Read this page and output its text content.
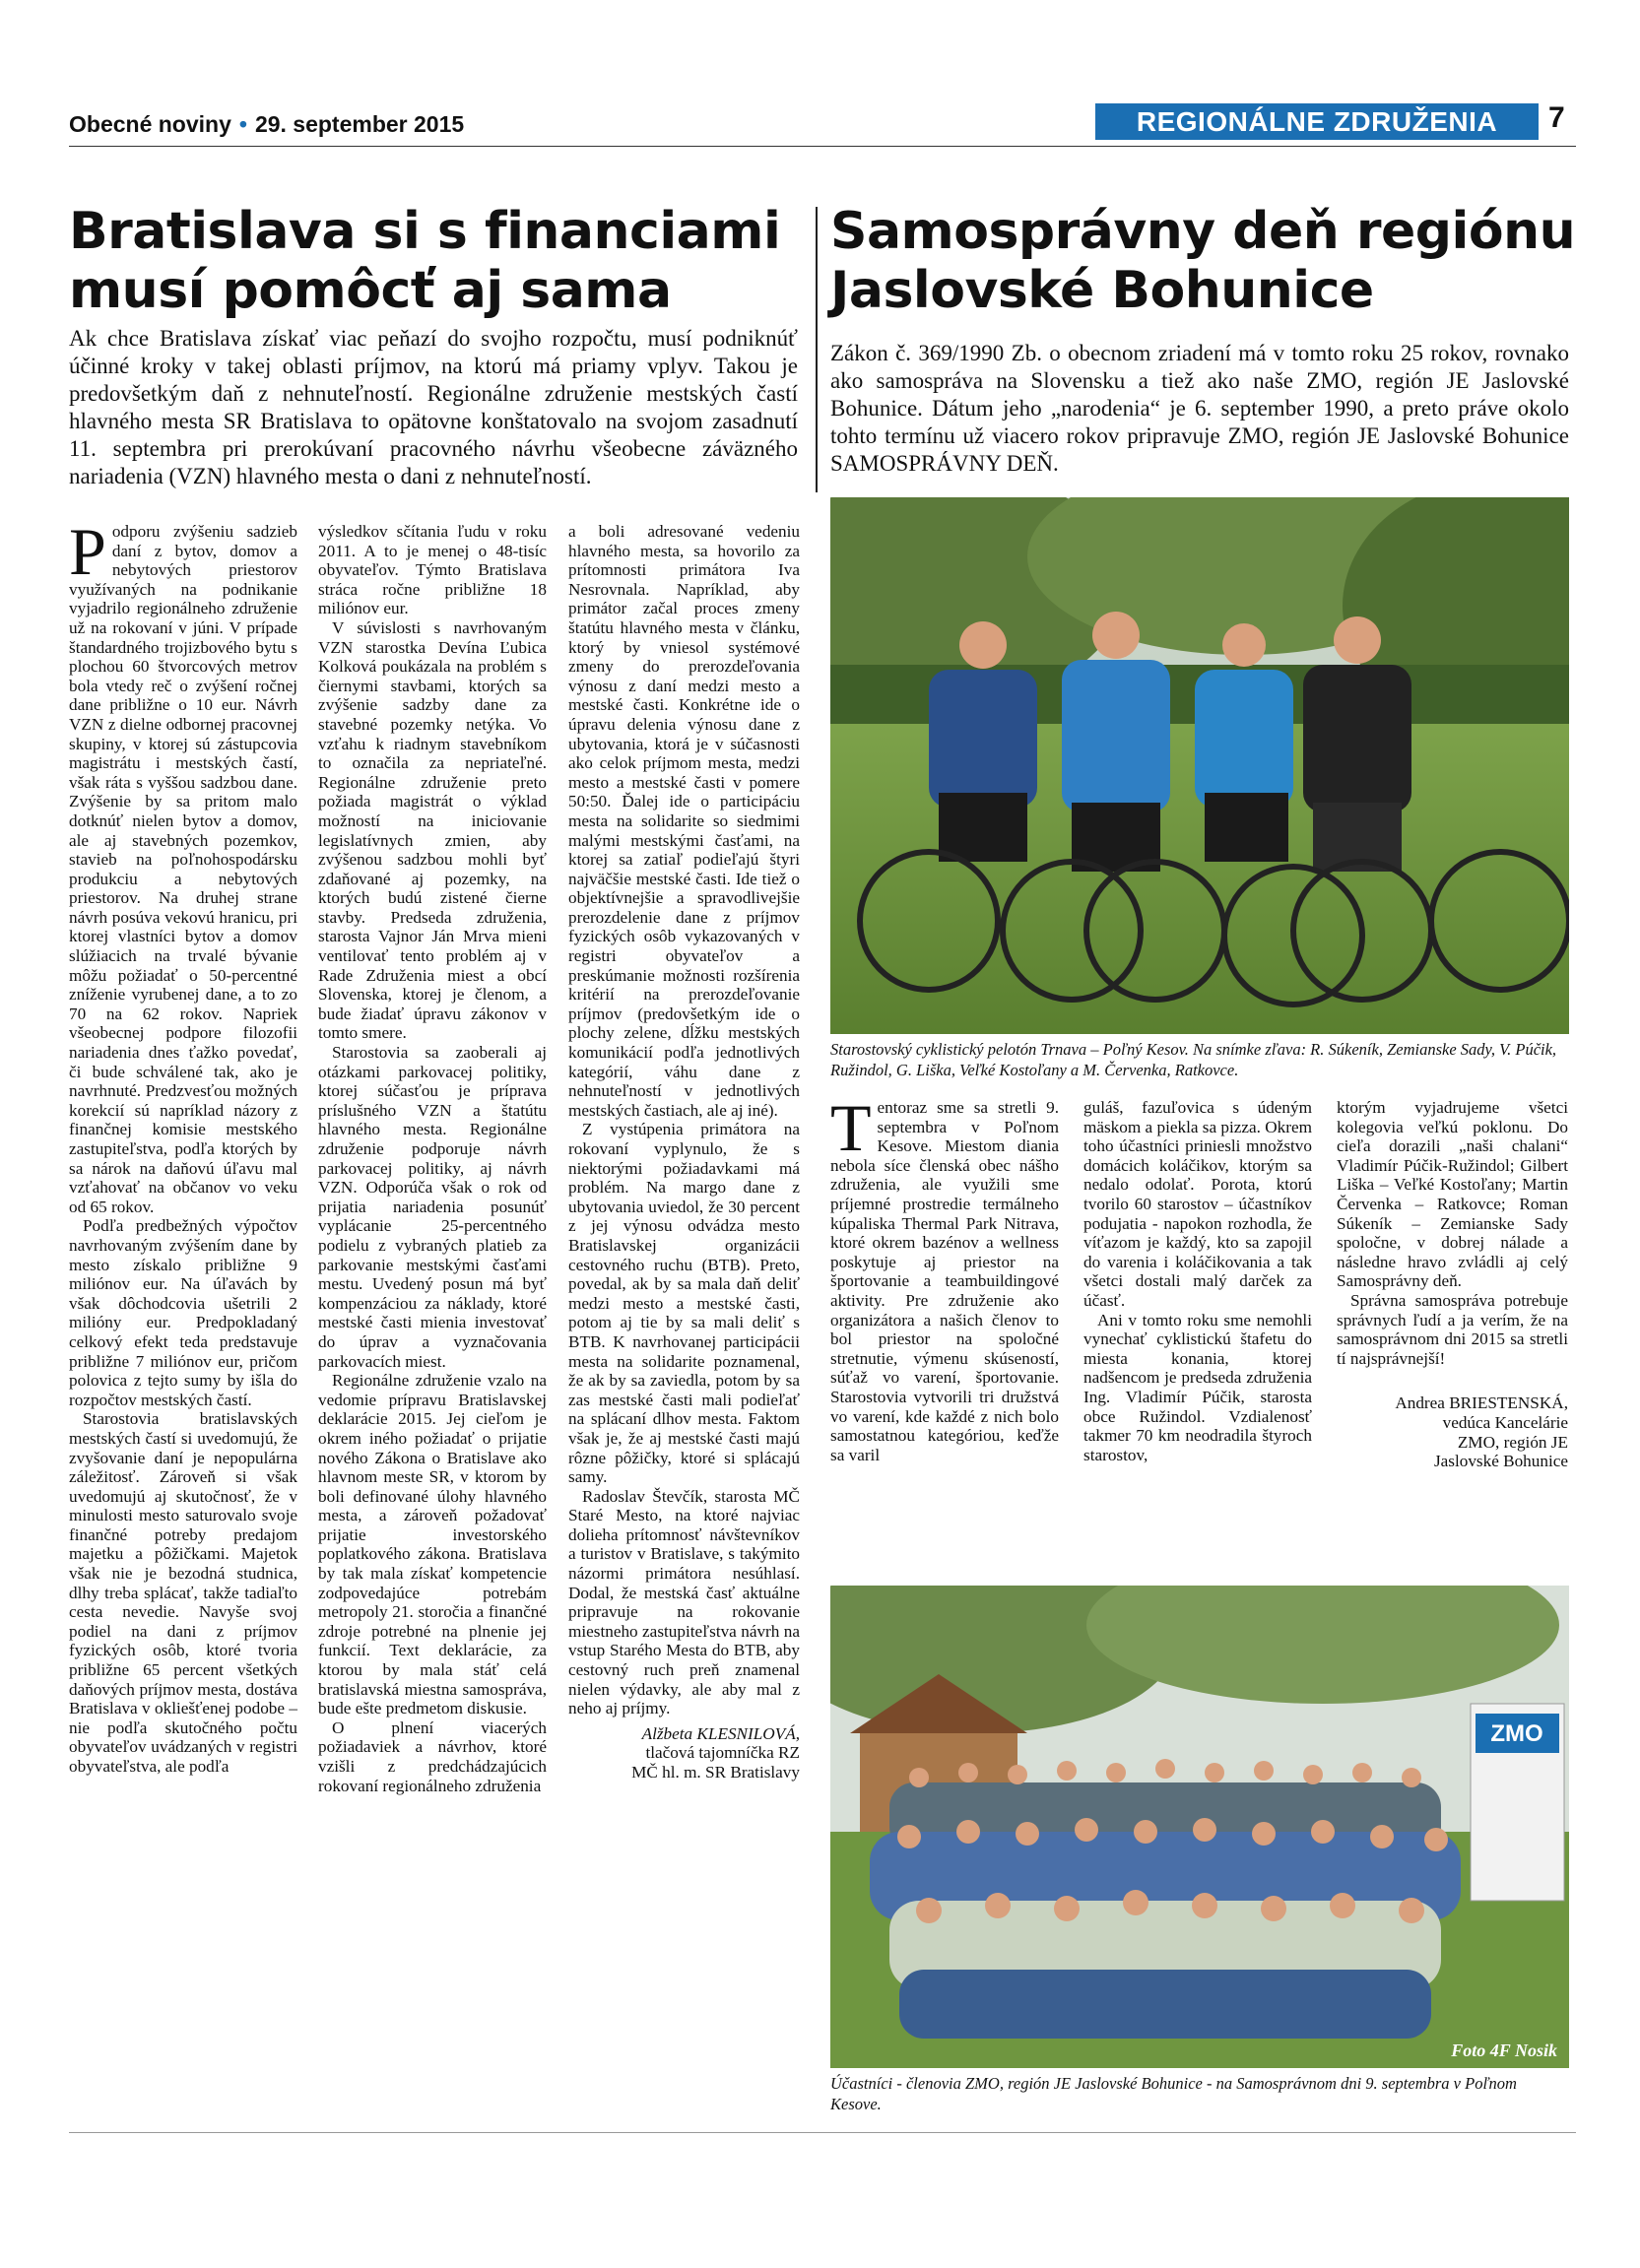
Obecné noviny • 29. september 2015	REGIONÁLNE ZDRUŽENIA	7
Bratislava si s financiami
musí pomôcť aj sama
Ak chce Bratislava získať viac peňazí do svojho rozpočtu, musí podniknúť účinné kroky v takej oblasti príjmov, na ktorú má priamy vplyv. Takou je predovšetkým daň z nehnuteľností. Regionálne združenie mestských častí hlavného mesta SR Bratislava to opätovne konštatovalo na svojom zasadnutí 11. septembra pri prerokúvaní pracovného návrhu všeobecne záväzného nariadenia (VZN) hlavného mesta o dani z nehnuteľností.

Podporu zvýšeniu sadzieb daní z bytov, domov a nebytových priestorov využívaných na podnikanie vyjadrilo regionálneho združenie už na rokovaní v júni. V prípade štandardného trojizbového bytu s plochou 60 štvorcových metrov bola vtedy reč o zvýšení ročnej dane približne o 10 eur. Návrh VZN z dielne odbornej pracovnej skupiny, v ktorej sú zástupcovia magistrátu i mestských častí, však ráta s vyššou sadzbou dane. Zvýšenie by sa pritom malo dotknúť nielen bytov a domov, ale aj stavebných pozemkov, stavieb na poľnohospodársku produkciu a nebytových priestorov. Na druhej strane návrh posúva vekovú hranicu, pri ktorej vlastníci bytov a domov slúžiacich na trvalé bývanie môžu požiadať o 50-percentné zníženie vyrubenej dane, a to zo 70 na 62 rokov. Napriek všeobecnej podpore filozofii nariadenia dnes ťažko povedať, či bude schválené tak, ako je navrhnuté. Predzvesťou možných korekcií sú napríklad názory z finančnej komisie mestského zastupiteľstva, podľa ktorých by sa nárok na daňovú úľavu mal vzťahovať na občanov vo veku od 65 rokov.

Podľa predbežných výpočtov navrhovaným zvýšením dane by mesto získalo približne 9 miliónov eur. Na úľavách by však dôchodcovia ušetrili 2 milióny eur. Predpokladaný celkový efekt teda predstavuje približne 7 miliónov eur, pričom polovica z tejto sumy by išla do rozpočtov mestských častí.

Starostovia bratislavských mestských častí si uvedomujú, že zvyšovanie daní je nepopulárna záležitosť. Zároveň si však uvedomujú aj skutočnosť, že v minulosti mesto saturovalo svoje finančné potreby predajom majetku a pôžičkami. Majetok však nie je bezodná studnica, dlhy treba splácať, takže tadiaľto cesta nevedie. Navyše svoj podiel na dani z príjmov fyzických osôb, ktoré tvoria približne 65 percent všetkých daňových príjmov mesta, dostáva Bratislava v okliešťenej podobe – nie podľa skutočného počtu obyvateľov uvádzaných v registri obyvateľstva, ale podľa

výsledkov sčítania ľudu v roku 2011. A to je menej o 48-tisíc obyvateľov. Týmto Bratislava stráca ročne približne 18 miliónov eur.

V súvislosti s navrhovaným VZN starostka Devína Ľubica Kolková poukázala na problém s čiernymi stavbami, ktorých sa zvýšenie sadzby dane za stavebné pozemky netýka. Vo vzťahu k riadnym stavebníkom to označila za nepriateľné. Regionálne združenie preto požiada magistrát o výklad možností na iniciovanie legislatívnych zmien, aby zvýšenou sadzbou mohli byť zdaňované aj pozemky, na ktorých budú zistené čierne stavby. Predseda združenia, starosta Vajnor Ján Mrva mieni ventilovať tento problém aj v Rade Združenia miest a obcí Slovenska, ktorej je členom, a bude žiadať úpravu zákonov v tomto smere.

Starostovia sa zaoberali aj otázkami parkovacej politiky, ktorej súčasťou je príprava príslušného VZN a štatútu hlavného mesta. Regionálne združenie podporuje návrh parkovacej politiky, aj návrh VZN. Odporúča však o rok od prijatia nariadenia posunúť vyplácanie 25-percentného podielu z vybraných platieb za parkovanie mestskými časťami mestu. Uvedený posun má byť kompenzáciou za náklady, ktoré mestské časti mienia investovať do úprav a vyznačovania parkovacích miest.

Regionálne združenie vzalo na vedomie prípravu Bratislavskej deklarácie 2015. Jej cieľom je okrem iného požiadať o prijatie nového Zákona o Bratislave ako hlavnom meste SR, v ktorom by boli definované úlohy hlavného mesta, a zároveň požadovať prijatie investorského poplatkového zákona. Bratislava by tak mala získať kompetencie zodpovedajúce potrebám metropoly 21. storočia a finančné zdroje potrebné na plnenie jej funkcií. Text deklarácie, za ktorou by mala stáť celá bratislavská miestna samospráva, bude ešte predmetom diskusie.

O plnení viacerých požiadaviek a návrhov, ktoré vzišli z predchádzajúcich rokovaní regionálneho združenia

a boli adresované vedeniu hlavného mesta, sa hovorilo za prítomnosti primátora Iva Nesrovnala. Napríklad, aby primátor začal proces zmeny štatútu hlavného mesta v článku, ktorý by vniesol systémové zmeny do prerozdeľovania výnosu z daní medzi mesto a mestské časti. Konkrétne ide o úpravu delenia výnosu dane z ubytovania, ktorá je v súčasnosti ako celok príjmom mesta, medzi mesto a mestské časti v pomere 50:50. Ďalej ide o participáciu mesta na solidarite so siedmimi malými mestskými časťami, na ktorej sa zatiaľ podieľajú štyri najväčšie mestské časti. Ide tiež o objektívnejšie a spravodlivejšie prerozdelenie dane z príjmov fyzických osôb vykazovaných v registri obyvateľov a preskúmanie možnosti rozšírenia kritérií na prerozdeľovanie príjmov (predovšetkým ide o plochy zelene, dĺžku mestských komunikácií podľa jednotlivých kategórií, váhu dane z nehnuteľností v jednotlivých mestských častiach, ale aj iné).

Z vystúpenia primátora na rokovaní vyplynulo, že s niektorými požiadavkami má problém. Na margo dane z ubytovania uviedol, že 30 percent z jej výnosu odvádza mesto Bratislavskej organizácii cestovného ruchu (BTB). Preto, povedal, ak by sa mala daň deliť medzi mesto a mestské časti, potom aj tie by sa mali deliť s BTB. K navrhovanej participácii mesta na solidarite poznamenal, že ak by sa zaviedla, potom by sa zas mestské časti mali podieľať na splácaní dlhov mesta. Faktom však je, že aj mestské časti majú rôzne pôžičky, ktoré si splácajú samy.

Radoslav Števčík, starosta MČ Staré Mesto, na ktoré najviac dolieha prítomnosť návštevníkov a turistov v Bratislave, s takýmito názormi primátora nesúhlasí. Dodal, že mestská časť aktuálne pripravuje na rokovanie miestneho zastupiteľstva návrh na vstup Starého Mesta do BTB, aby cestovný ruch preň znamenal nielen výdavky, ale aby mal z neho aj príjmy.

Alžbeta KLESNILOVÁ,
tlačová tajomníčka RZ
MČ hl. m. SR Bratislavy
Samosprávny deň regiónu
Jaslovské Bohunice
Zákon č. 369/1990 Zb. o obecnom zriadení má v tomto roku 25 rokov, rovnako ako samospráva na Slovensku a tiež ako naše ZMO, región JE Jaslovské Bohunice. Dátum jeho „narodenia“ je 6. september 1990, a preto práve okolo tohto termínu už viacero rokov pripravuje ZMO, región JE Jaslovské Bohunice SAMOSPRÁVNY DEŇ.
Starostovský cyklistický pelotón Trnava – Poľný Kesov. Na snímke zľava: R. Súkeník, Zemianske Sady, V. Púčik, Ružindol, G. Liška, Veľké Kostoľany a M. Červenka, Ratkovce.

Tentoraz sme sa stretli 9. septembra v Poľnom Kesove. Miestom diania nebola síce členská obec nášho združenia, ale využili sme príjemné prostredie termálneho kúpaliska Thermal Park Nitrava, ktoré okrem bazénov a wellness poskytuje aj priestor na športovanie a teambuildingové aktivity. Pre združenie ako organizátora a našich členov to bol priestor na spoločné stretnutie, výmenu skúseností, súťaž vo varení, športovanie. Starostovia vytvorili tri družstvá vo varení, kde každé z nich bolo samostatnou kategóriou, keďže sa varil

guláš, fazuľovica s údeným mäskom a piekla sa pizza. Okrem toho účastníci priniesli množstvo domácich koláčikov, ktorým sa nedalo odolať. Porota, ktorú tvorilo 60 starostov – účastníkov podujatia - napokon rozhodla, že víťazom je každý, kto sa zapojil do varenia i koláčikovania a tak všetci dostali malý darček za účasť.

Ani v tomto roku sme nemohli vynechať cyklistickú štafetu do miesta konania, ktorej nadšencom je predseda združenia Ing. Vladimír Púčik, starosta obce Ružindol. Vzdialenosť takmer 70 km neodradila štyroch starostov,

ktorým vyjadrujeme všetci kolegovia veľkú poklonu. Do cieľa dorazili „naši chalani“ Vladimír Púčik-Ružindol; Gilbert Liška – Veľké Kostoľany; Martin Červenka – Ratkovce; Roman Súkeník – Zemianske Sady spoločne, v dobrej nálade a následne hravo zvládli aj celý Samosprávny deň.

Správna samospráva potrebuje správnych ľudí a ja verím, že na samosprávnom dni 2015 sa stretli tí najsprávnejší!

Andrea BRIESTENSKÁ,
vedúca Kancelárie
ZMO, región JE
Jaslovské Bohunice
ZMO
Foto 4F Nosik
Účastníci - členovia ZMO, región JE Jaslovské Bohunice - na Samosprávnom dni 9. septembra v Poľnom Kesove.
